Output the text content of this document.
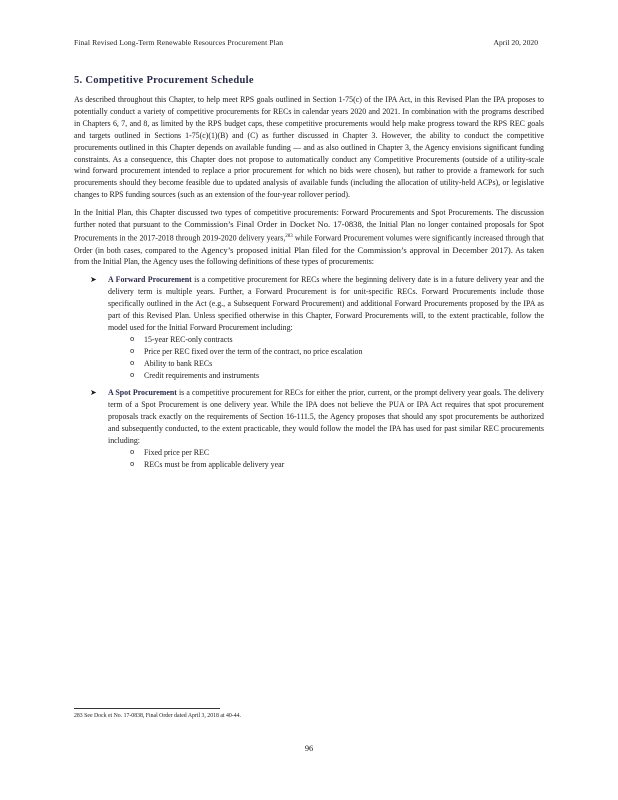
Final Revised Long-Term Renewable Resources Procurement Plan	April 20, 2020
5. Competitive Procurement Schedule

As described throughout this Chapter, to help meet RPS goals outlined in Section 1-75(c) of the IPA Act, in this Revised Plan the IPA proposes to potentially conduct a variety of competitive procurements for RECs in calendar years 2020 and 2021. In combination with the programs described in Chapters 6, 7, and 8, as limited by the RPS budget caps, these competitive procurements would help make progress toward the RPS REC goals and targets outlined in Sections 1-75(c)(1)(B) and (C) as further discussed in Chapter 3. However, the ability to conduct the competitive procurements outlined in this Chapter depends on available funding — and as also outlined in Chapter 3, the Agency envisions significant funding constraints. As a consequence, this Chapter does not propose to automatically conduct any Competitive Procurements (outside of a utility-scale wind forward procurement intended to replace a prior procurement for which no bids were chosen), but rather to provide a framework for such procurements should they become feasible due to updated analysis of available funds (including the allocation of utility-held ACPs), or legislative changes to RPS funding sources (such as an extension of the four-year rollover period).

In the Initial Plan, this Chapter discussed two types of competitive procurements: Forward Procurements and Spot Procurements. The discussion further noted that pursuant to the Commission’s Final Order in Docket No. 17-0838, the Initial Plan no longer contained proposals for Spot Procurements in the 2017-2018 through 2019-2020 delivery years,$^{283}$ while Forward Procurement volumes were significantly increased through that Order (in both cases, compared to the Agency’s proposed initial Plan filed for the Commission’s approval in December 2017). As taken from the Initial Plan, the Agency uses the following definitions of these types of procurements:

➤ A Forward Procurement is a competitive procurement for RECs where the beginning delivery date is in a future delivery year and the delivery term is multiple years. Further, a Forward Procurement is for unit-specific RECs. Forward Procurements include those specifically outlined in the Act (e.g., a Subsequent Forward Procurement) and additional Forward Procurements proposed by the IPA as part of this Revised Plan. Unless specified otherwise in this Chapter, Forward Procurements will, to the extent practicable, follow the model used for the Initial Forward Procurement including:
o 15-year REC-only contracts
o Price per REC fixed over the term of the contract, no price escalation
o Ability to bank RECs
o Credit requirements and instruments
➤ A Spot Procurement is a competitive procurement for RECs for either the prior, current, or the prompt delivery year goals. The delivery term of a Spot Procurement is one delivery year. While the IPA does not believe the PUA or IPA Act requires that spot procurement proposals track exactly on the requirements of Section 16-111.5, the Agency proposes that should any spot procurements be authorized and subsequently conducted, to the extent practicable, they would follow the model the IPA has used for past similar REC procurements including:
o Fixed price per REC
o RECs must be from applicable delivery year
283 See Dock et No. 17-0838, Final Order dated April 3, 2018 at 40-44.
96
